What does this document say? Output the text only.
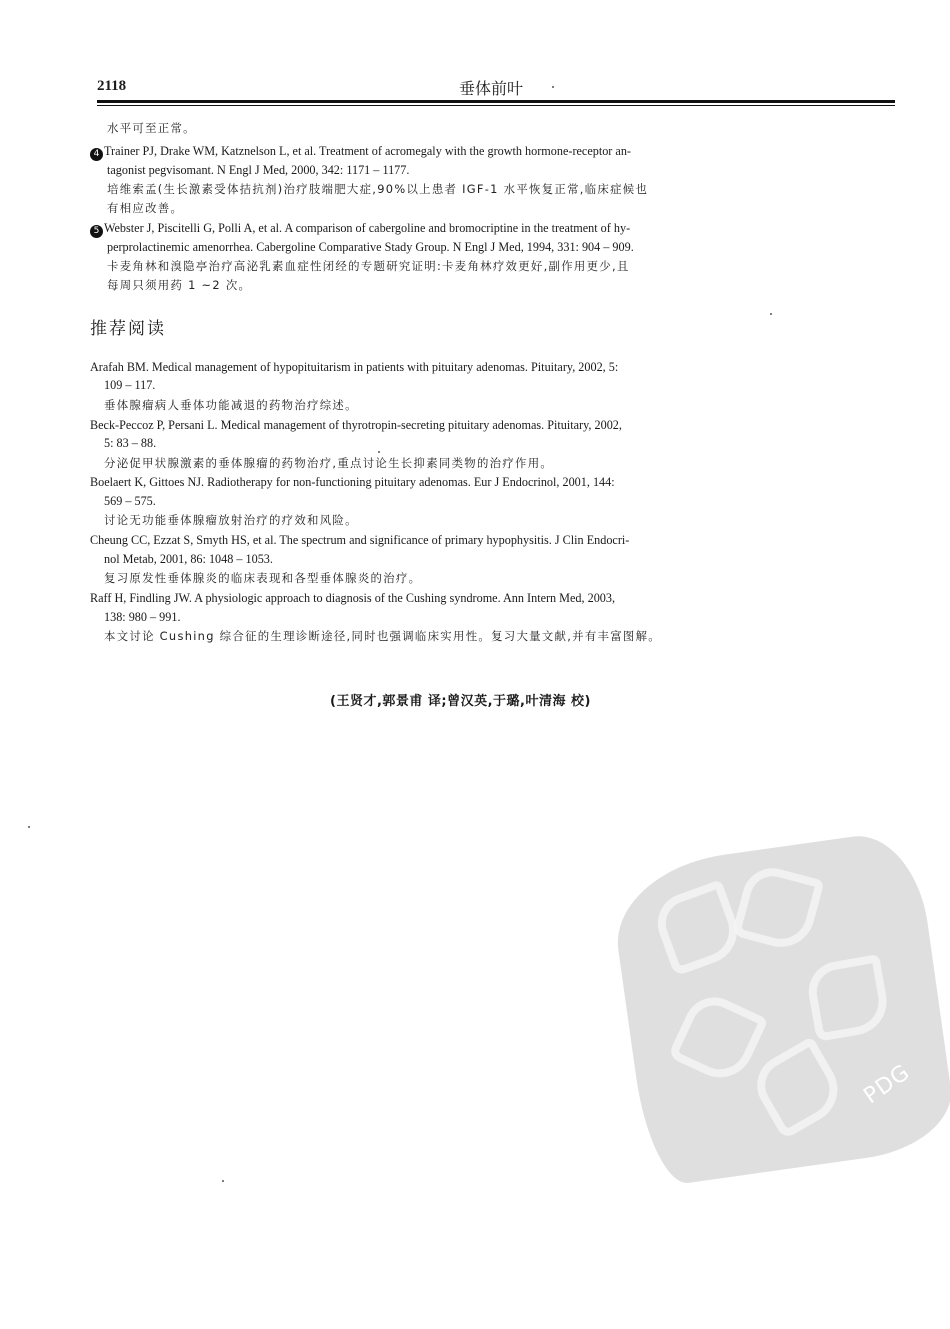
2118	垂体前叶
水平可至正常。
4 Trainer PJ, Drake WM, Katznelson L, et al. Treatment of acromegaly with the growth hormone-receptor an-
tagonist pegvisomant. N Engl J Med, 2000, 342: 1171 – 1177.
培维索孟(生长激素受体拮抗剂)治疗肢端肥大症,90%以上患者 IGF-1 水平恢复正常,临床症候也
有相应改善。
5 Webster J, Piscitelli G, Polli A, et al. A comparison of cabergoline and bromocriptine in the treatment of hy-
perprolactinemic amenorrhea. Cabergoline Comparative Stady Group. N Engl J Med, 1994, 331: 904 – 909.
卡麦角林和溴隐亭治疗高泌乳素血症性闭经的专题研究证明:卡麦角林疗效更好,副作用更少,且
每周只须用药 1 ~2 次。
推荐阅读
Arafah BM. Medical management of hypopituitarism in patients with pituitary adenomas. Pituitary, 2002, 5:
109 – 117.
垂体腺瘤病人垂体功能减退的药物治疗综述。
Beck-Peccoz P, Persani L. Medical management of thyrotropin-secreting pituitary adenomas. Pituitary, 2002,
5: 83 – 88.
分泌促甲状腺激素的垂体腺瘤的药物治疗,重点讨论生长抑素同类物的治疗作用。
Boelaert K, Gittoes NJ. Radiotherapy for non-functioning pituitary adenomas. Eur J Endocrinol, 2001, 144:
569 – 575.
讨论无功能垂体腺瘤放射治疗的疗效和风险。
Cheung CC, Ezzat S, Smyth HS, et al. The spectrum and significance of primary hypophysitis. J Clin Endocri-
nol Metab, 2001, 86: 1048 – 1053.
复习原发性垂体腺炎的临床表现和各型垂体腺炎的治疗。
Raff H, Findling JW. A physiologic approach to diagnosis of the Cushing syndrome. Ann Intern Med, 2003,
138: 980 – 991.
本文讨论 Cushing 综合征的生理诊断途径,同时也强调临床实用性。复习大量文献,并有丰富图解。
(王贤才,郭景甫 译;曾汉英,于璐,叶清海 校)
PDG
